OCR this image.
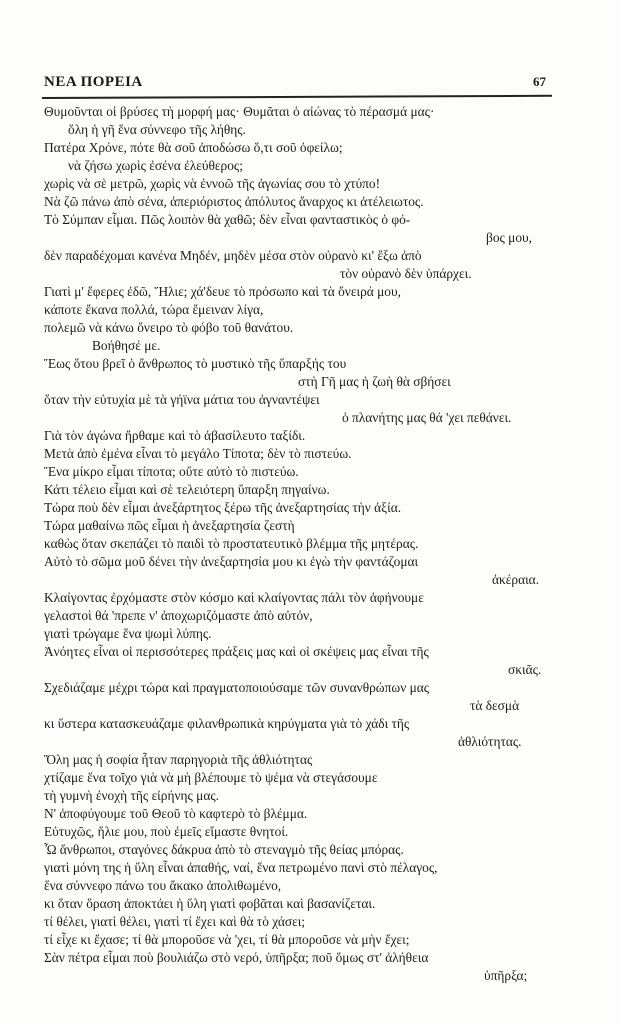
ΝΕΑ ΠΟΡΕΙΑ	67
Θυμοῦνται οἱ βρύσες τὴ μορφή μας· Θυμᾶται ὁ αἰώνας τὸ πέρασμά μας·
ὅλη ἡ γῆ ἕνα σύννεφο τῆς λήθης.
Πατέρα Χρόνε, πότε θὰ σοῦ ἀποδώσω ὅ,τι σοῦ ὀφείλω;
νὰ ζήσω χωρὶς ἐσένα ἐλεύθερος;
χωρὶς νὰ σὲ μετρῶ, χωρὶς νὰ ἐννοῶ τῆς ἀγωνίας σου τὸ χτύπο!
Νὰ ζῶ πάνω ἀπὸ σένα, ἀπεριόριστος ἀπόλυτος ἄναρχος κι ἀτέλειωτος.
Τὸ Σύμπαν εἶμαι. Πῶς λοιπὸν θὰ χαθῶ; δὲν εἶναι φανταστικὸς ὁ φό-
βος μου,
δὲν παραδέχομαι κανένα Μηδέν, μηδὲν μέσα στὸν οὐρανὸ κι' ἔξω ἀπὸ
τὸν οὐρανὸ δὲν ὑπάρχει.
Γιατὶ μ' ἔφερες ἐδῶ, Ἥλιε; χά'δευε τὸ πρόσωπο καὶ τὰ ὄνειρά μου,
κάποτε ἔκανα πολλά, τώρα ἔμειναν λίγα,
πολεμῶ νὰ κάνω ὄνειρο τὸ φόβο τοῦ θανάτου.
Βοήθησέ με.
Ἕως ὅτου βρεῖ ὁ ἄνθρωπος τὸ μυστικὸ τῆς ὕπαρξής του
στὴ Γῆ μας ἡ ζωὴ θὰ σβήσει
ὅταν τὴν εὐτυχία μὲ τὰ γήϊνα μάτια του ἀγναντέψει
ὁ πλανήτης μας θά 'χει πεθάνει.
Γιὰ τὸν ἀγώνα ἤρθαμε καὶ τὸ ἀβασίλευτο ταξίδι.
Μετὰ ἀπὸ ἐμένα εἶναι τὸ μεγάλο Τίποτα; δὲν τὸ πιστεύω.
Ἕνα μίκρο εἶμαι τίποτα; οὔτε αὐτὸ τὸ πιστεύω.
Κάτι τέλειο εἶμαι καὶ σὲ τελειότερη ὕπαρξη πηγαίνω.
Τώρα ποὺ δὲν εἶμαι ἀνεξάρτητος ξέρω τῆς ἀνεξαρτησίας τὴν ἀξία.
Τώρα μαθαίνω πῶς εἶμαι ἡ ἀνεξαρτησία ζεστὴ
καθὼς ὅταν σκεπάζει τὸ παιδὶ τὸ προστατευτικὸ βλέμμα τῆς μητέρας.
Αὐτὸ τὸ σῶμα μοῦ δένει τὴν ἀνεξαρτησία μου κι ἐγὼ τὴν φαντάζομαι
ἀκέραια.
Κλαίγοντας ἐρχόμαστε στὸν κόσμο καὶ κλαίγοντας πάλι τὸν ἀφήνουμε
γελαστοὶ θά 'πρεπε ν' ἀποχωριζόμαστε ἀπὸ αὐτόν,
γιατὶ τρώγαμε ἕνα ψωμὶ λύπης.
Ἀνόητες εἶναι οἱ περισσότερες πράξεις μας καὶ οἱ σκέψεις μας εἶναι τῆς
σκιᾶς.
Σχεδιάζαμε μέχρι τώρα καὶ πραγματοποιούσαμε τῶν συνανθρώπων μας
τὰ δεσμὰ
κι ὕστερα κατασκευάζαμε φιλανθρωπικὰ κηρύγματα γιὰ τὸ χάδι τῆς
ἀθλιότητας.
Ὅλη μας ἡ σοφία ἦταν παρηγοριὰ τῆς ἀθλιότητας
χτίζαμε ἕνα τοῖχο γιὰ νὰ μὴ βλέπουμε τὸ ψέμα νὰ στεγάσουμε
τὴ γυμνὴ ἐνοχὴ τῆς εἰρήνης μας.
Ν' ἀποφύγουμε τοῦ Θεοῦ τὸ καφτερὸ τὸ βλέμμα.
Εὐτυχῶς, ἥλιε μου, ποὺ ἐμεῖς εἴμαστε θνητοί.
Ὦ ἄνθρωποι, σταγόνες δάκρυα ἀπὸ τὸ στεναγμὸ τῆς θείας μπόρας.
γιατὶ μόνη της ἡ ὕλη εἶναι ἀπαθής, ναί, ἕνα πετρωμένο πανὶ στὸ πέλαγος,
ἕνα σύννεφο πάνω του ἄκακο ἀπολιθωμένο,
κι ὅταν ὅραση ἀποκτάει ἡ ὕλη γιατὶ φοβᾶται καὶ βασανίζεται.
τί θέλει, γιατὶ θέλει, γιατὶ τί ἔχει καὶ θὰ τὸ χάσει;
τί εἶχε κι ἔχασε; τί θὰ μποροῦσε νὰ 'χει, τί θὰ μποροῦσε νὰ μὴν ἔχει;
Σὰν πέτρα εἶμαι ποὺ βουλιάζω στὸ νερό, ὑπῆρξα; ποῦ ὅμως στ' ἀλήθεια
ὑπῆρξα;
